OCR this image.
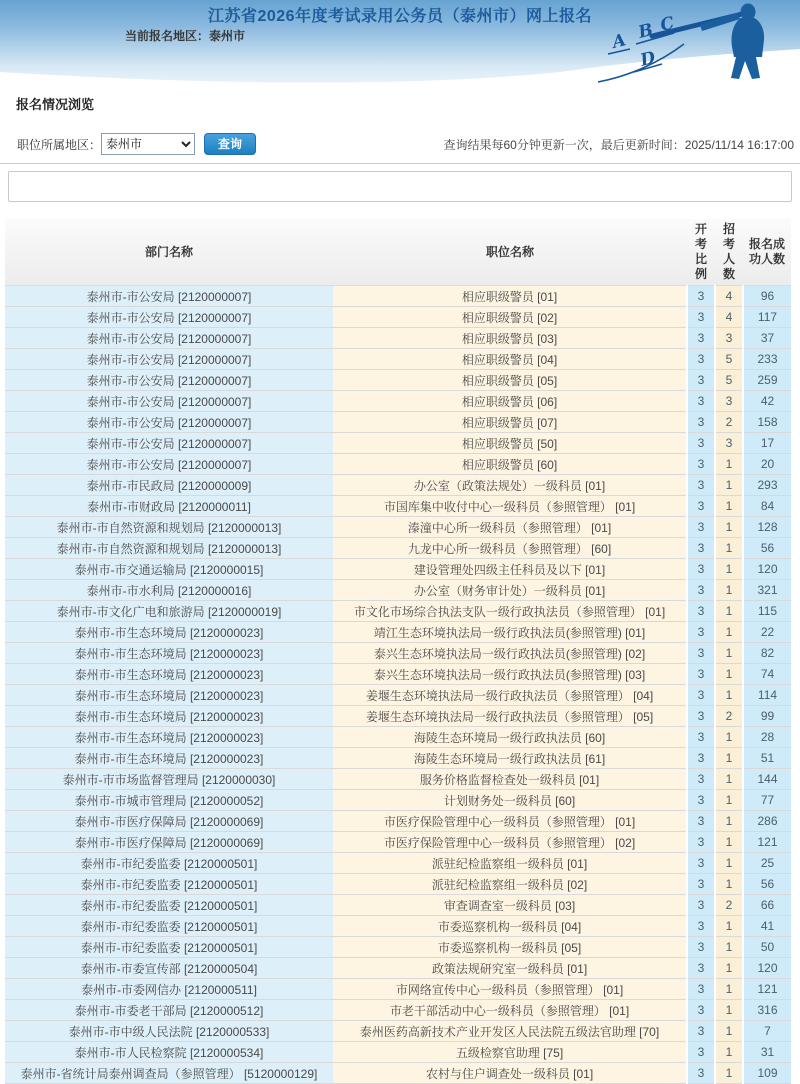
A B C
D
江苏省2026年度考试录用公务员（泰州市）网上报名
当前报名地区：泰州市
报名情况浏览
职位所属地区：
泰州市	查询	查询结果每60分钟更新一次，最后更新时间：2025/11/14 16:17:00
部门名称	职位名称	开考比例	招考人数	报名成功人数
泰州市-市公安局 [2120000007]	相应职级警员 [01]	3	4	96
泰州市-市公安局 [2120000007]	相应职级警员 [02]	3	4	117
泰州市-市公安局 [2120000007]	相应职级警员 [03]	3	3	37
泰州市-市公安局 [2120000007]	相应职级警员 [04]	3	5	233
泰州市-市公安局 [2120000007]	相应职级警员 [05]	3	5	259
泰州市-市公安局 [2120000007]	相应职级警员 [06]	3	3	42
泰州市-市公安局 [2120000007]	相应职级警员 [07]	3	2	158
泰州市-市公安局 [2120000007]	相应职级警员 [50]	3	3	17
泰州市-市公安局 [2120000007]	相应职级警员 [60]	3	1	20
泰州市-市民政局 [2120000009]	办公室（政策法规处）一级科员 [01]	3	1	293
泰州市-市财政局 [2120000011]	市国库集中收付中心一级科员（参照管理） [01]	3	1	84
泰州市-市自然资源和规划局 [2120000013]	溱潼中心所一级科员（参照管理） [01]	3	1	128
泰州市-市自然资源和规划局 [2120000013]	九龙中心所一级科员（参照管理） [60]	3	1	56
泰州市-市交通运输局 [2120000015]	建设管理处四级主任科员及以下 [01]	3	1	120
泰州市-市水利局 [2120000016]	办公室（财务审计处）一级科员 [01]	3	1	321
泰州市-市文化广电和旅游局 [2120000019]	市文化市场综合执法支队一级行政执法员（参照管理） [01]	3	1	115
泰州市-市生态环境局 [2120000023]	靖江生态环境执法局一级行政执法员(参照管理) [01]	3	1	22
泰州市-市生态环境局 [2120000023]	泰兴生态环境执法局一级行政执法员(参照管理) [02]	3	1	82
泰州市-市生态环境局 [2120000023]	泰兴生态环境执法局一级行政执法员(参照管理) [03]	3	1	74
泰州市-市生态环境局 [2120000023]	姜堰生态环境执法局一级行政执法员（参照管理） [04]	3	1	114
泰州市-市生态环境局 [2120000023]	姜堰生态环境执法局一级行政执法员（参照管理） [05]	3	2	99
泰州市-市生态环境局 [2120000023]	海陵生态环境局一级行政执法员 [60]	3	1	28
泰州市-市生态环境局 [2120000023]	海陵生态环境局一级行政执法员 [61]	3	1	51
泰州市-市市场监督管理局 [2120000030]	服务价格监督检查处一级科员 [01]	3	1	144
泰州市-市城市管理局 [2120000052]	计划财务处一级科员 [60]	3	1	77
泰州市-市医疗保障局 [2120000069]	市医疗保险管理中心一级科员（参照管理） [01]	3	1	286
泰州市-市医疗保障局 [2120000069]	市医疗保险管理中心一级科员（参照管理） [02]	3	1	121
泰州市-市纪委监委 [2120000501]	派驻纪检监察组一级科员 [01]	3	1	25
泰州市-市纪委监委 [2120000501]	派驻纪检监察组一级科员 [02]	3	1	56
泰州市-市纪委监委 [2120000501]	审查调查室一级科员 [03]	3	2	66
泰州市-市纪委监委 [2120000501]	市委巡察机构一级科员 [04]	3	1	41
泰州市-市纪委监委 [2120000501]	市委巡察机构一级科员 [05]	3	1	50
泰州市-市委宣传部 [2120000504]	政策法规研究室一级科员 [01]	3	1	120
泰州市-市委网信办 [2120000511]	市网络宣传中心一级科员（参照管理） [01]	3	1	121
泰州市-市委老干部局 [2120000512]	市老干部活动中心一级科员（参照管理） [01]	3	1	316
泰州市-市中级人民法院 [2120000533]	泰州医药高新技术产业开发区人民法院五级法官助理 [70]	3	1	7
泰州市-市人民检察院 [2120000534]	五级检察官助理 [75]	3	1	31
泰州市-省统计局泰州调查局（参照管理） [5120000129]	农村与住户调查处一级科员 [01]	3	1	109
